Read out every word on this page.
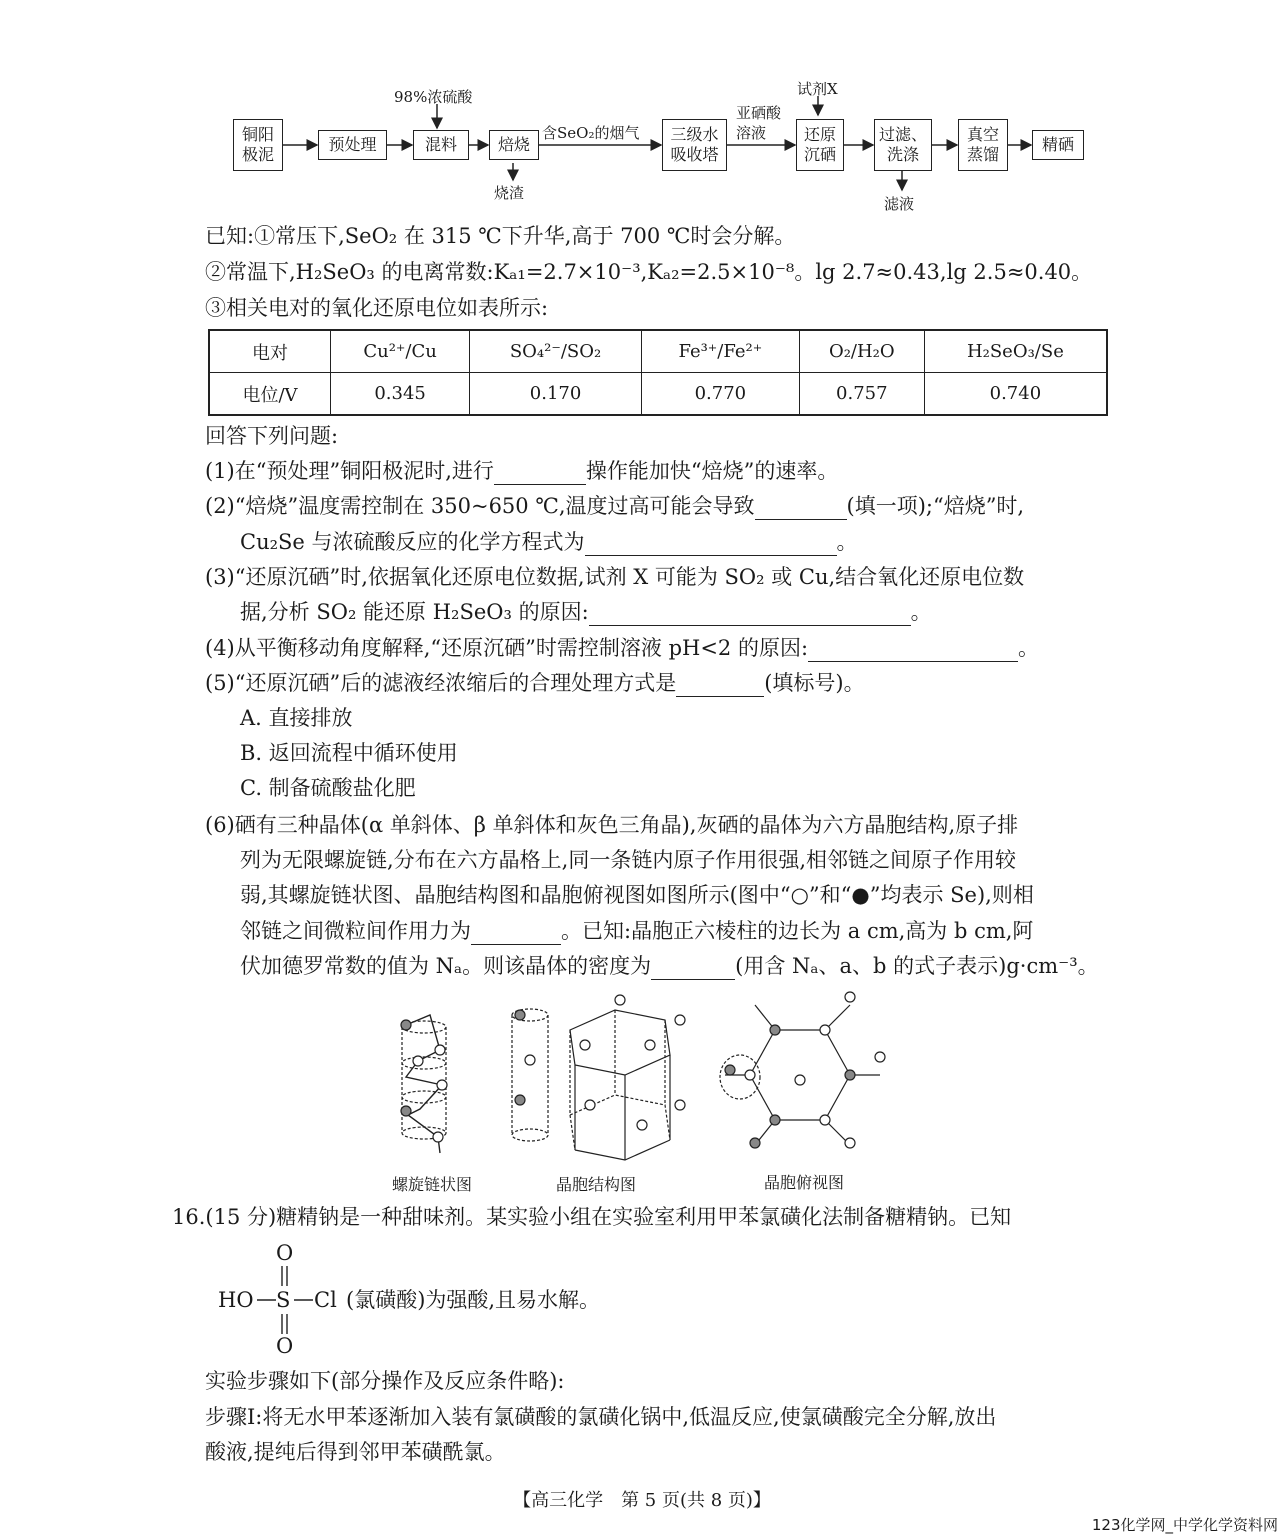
铜阳
极泥
预处理	混料	焙烧
三级水
吸收塔
还原
沉硒
过滤、
洗涤
真空
蒸馏
精硒
98%浓硫酸
烧渣
含SeO₂的烟气
亚硒酸
溶液
试剂X
滤液
已知:①常压下,SeO₂ 在 315 ℃下升华,高于 700 ℃时会分解。
②常温下,H₂SeO₃ 的电离常数:Kₐ₁=2.7×10⁻³,Kₐ₂=2.5×10⁻⁸。lg 2.7≈0.43,lg 2.5≈0.40。
③相关电对的氧化还原电位如表所示:
电对	Cu²⁺/Cu	SO₄²⁻/SO₂	Fe³⁺/Fe²⁺	O₂/H₂O	H₂SeO₃/Se
电位/V	0.345	0.170	0.770	0.757	0.740
回答下列问题:
(1)在“预处理”铜阳极泥时,进行	操作能加快“焙烧”的速率。
(2)“焙烧”温度需控制在 350~650 ℃,温度过高可能会导致	(填一项);“焙烧”时,
Cu₂Se 与浓硫酸反应的化学方程式为	。
(3)“还原沉硒”时,依据氧化还原电位数据,试剂 X 可能为 SO₂ 或 Cu,结合氧化还原电位数
据,分析 SO₂ 能还原 H₂SeO₃ 的原因:	。
(4)从平衡移动角度解释,“还原沉硒”时需控制溶液 pH<2 的原因:	。
(5)“还原沉硒”后的滤液经浓缩后的合理处理方式是	(填标号)。
A. 直接排放
B. 返回流程中循环使用
C. 制备硫酸盐化肥
(6)硒有三种晶体(α 单斜体、β 单斜体和灰色三角晶),灰硒的晶体为六方晶胞结构,原子排
列为无限螺旋链,分布在六方晶格上,同一条链内原子作用很强,相邻链之间原子作用较
弱,其螺旋链状图、晶胞结构图和晶胞俯视图如图所示(图中“○”和“●”均表示 Se),则相
邻链之间微粒间作用力为	。已知:晶胞正六棱柱的边长为 a cm,高为 b cm,阿
伏加德罗常数的值为 Nₐ。则该晶体的密度为	(用含 Nₐ、a、b 的式子表示)g·cm⁻³。
螺旋链状图	晶胞结构图	晶胞俯视图
16.(15 分)糖精钠是一种甜味剂。某实验小组在实验室利用甲苯氯磺化法制备糖精钠。已知
O
HO S Cl
O
(氯磺酸)为强酸,且易水解。
实验步骤如下(部分操作及反应条件略):
步骤Ⅰ:将无水甲苯逐渐加入装有氯磺酸的氯磺化锅中,低温反应,使氯磺酸完全分解,放出
酸液,提纯后得到邻甲苯磺酰氯。
【高三化学　第 5 页(共 8 页)】
123化学网_中学化学资料网
